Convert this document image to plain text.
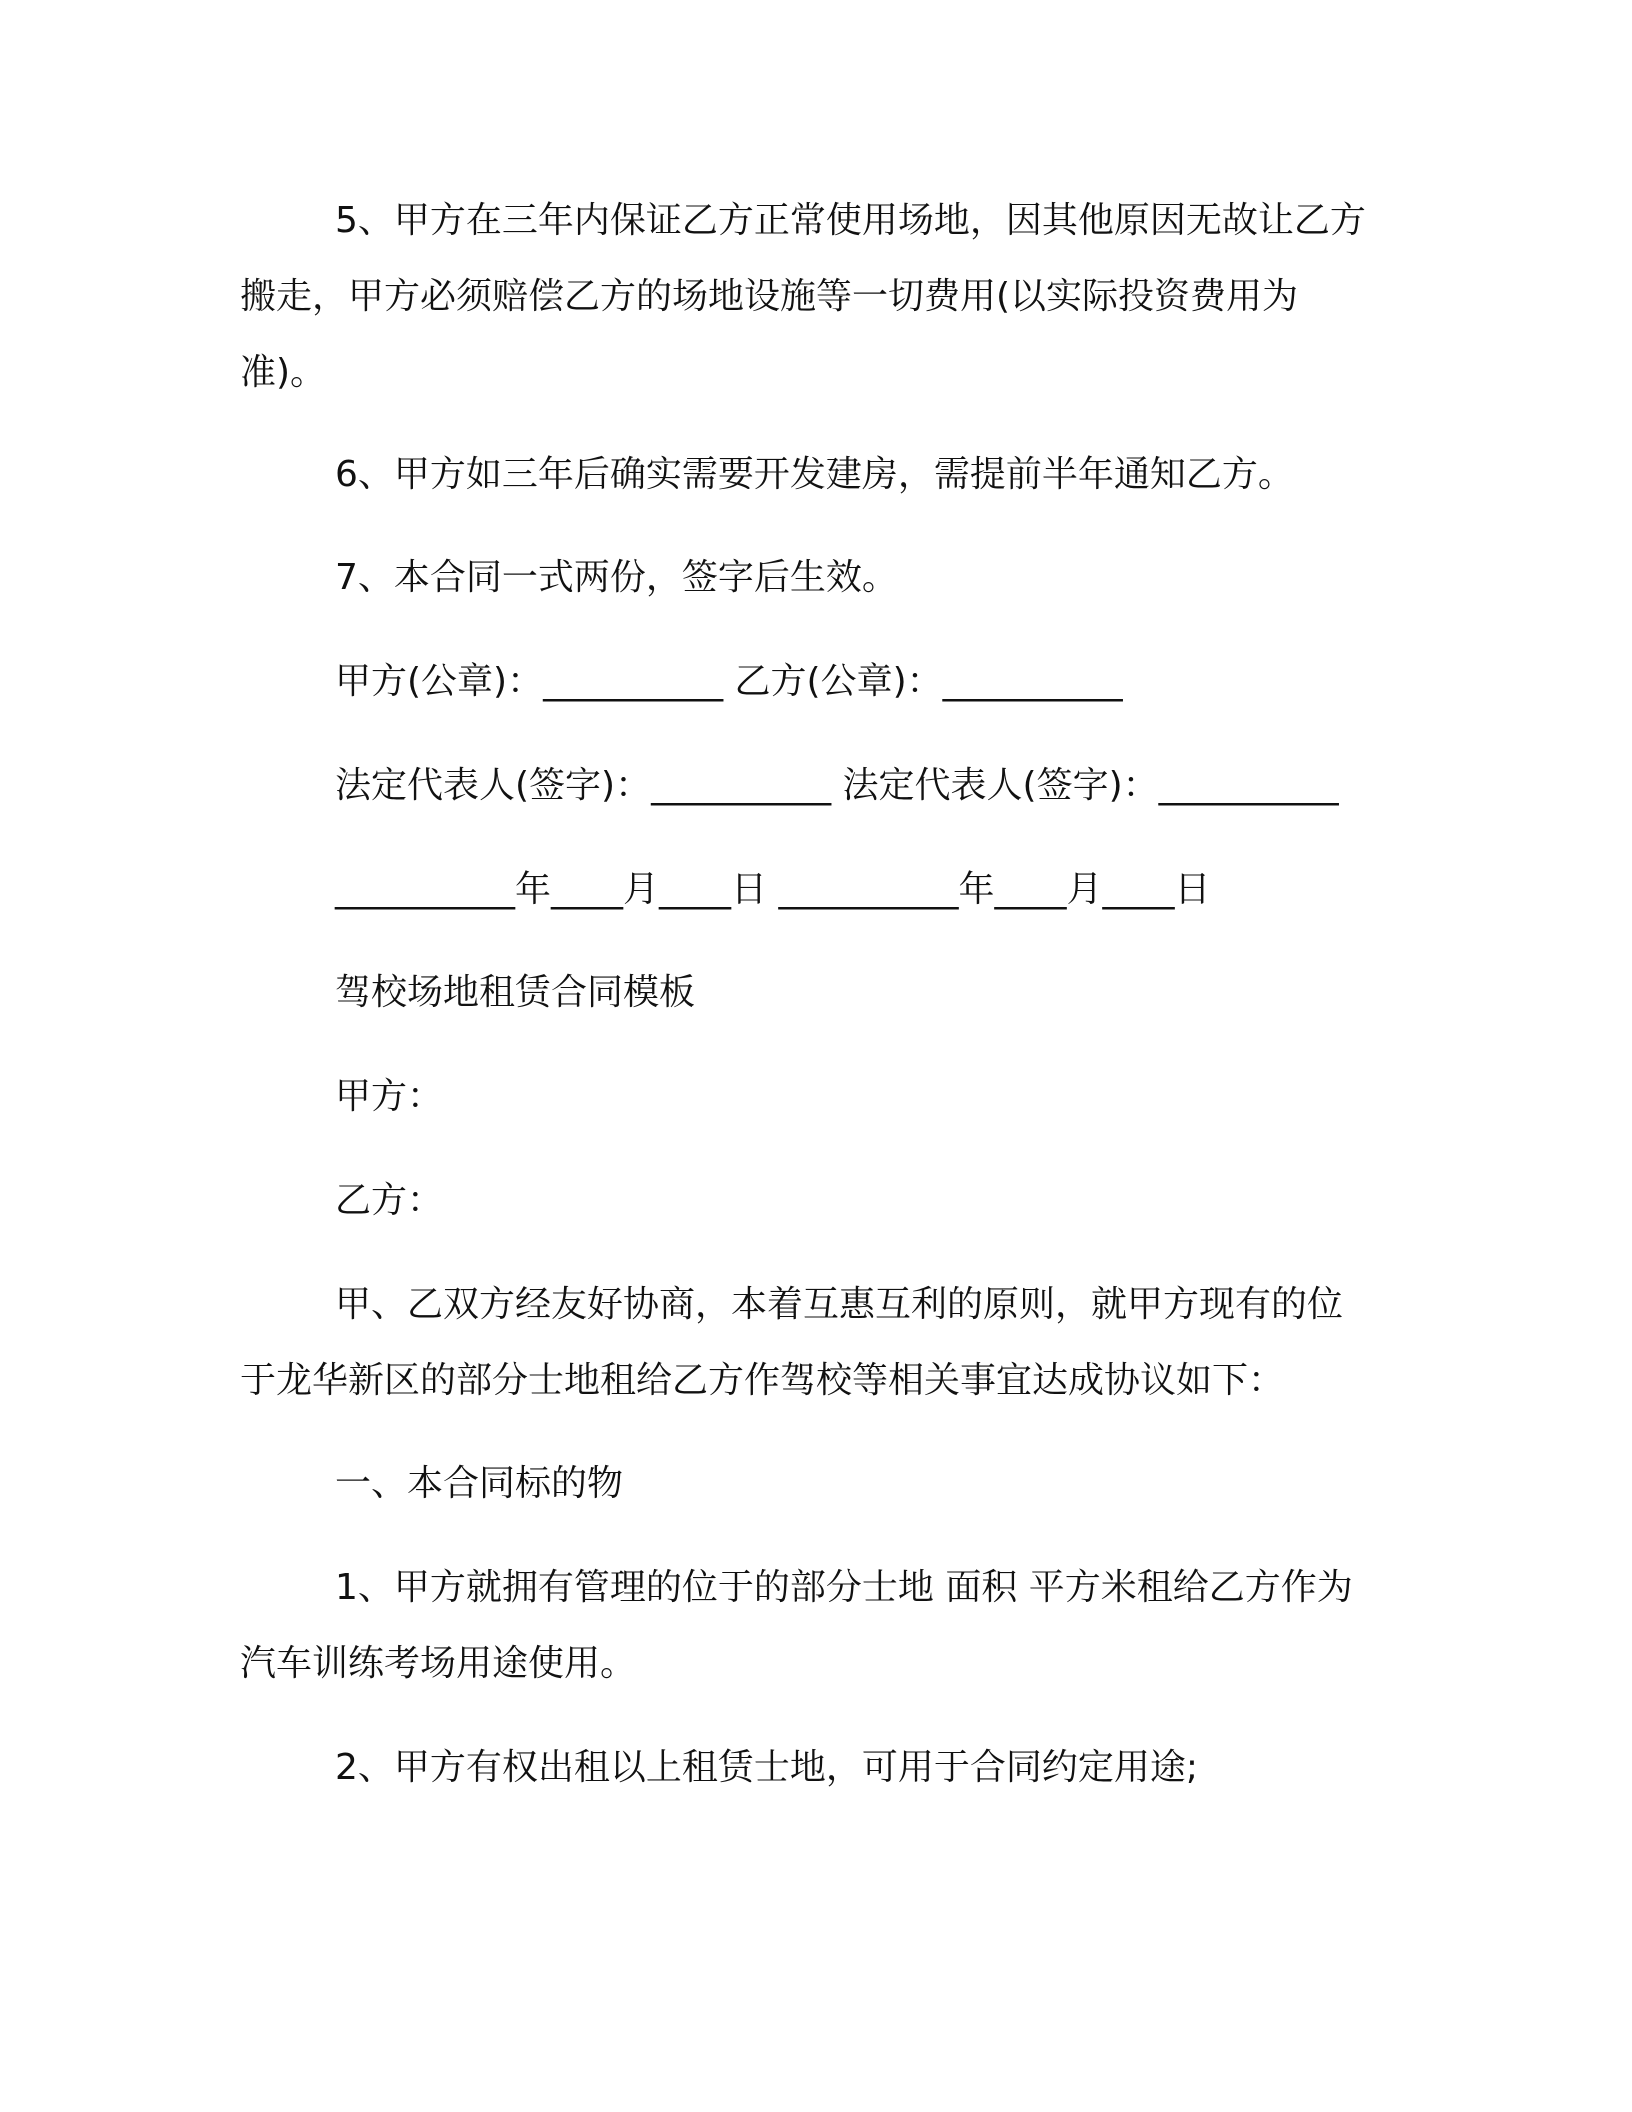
5、甲方在三年内保证乙方正常使用场地，因其他原因无故让乙方搬走，甲方必须赔偿乙方的场地设施等一切费用(以实际投资费用为准)。

6、甲方如三年后确实需要开发建房，需提前半年通知乙方。

7、本合同一式两份，签字后生效。

甲方(公章)：__________ 乙方(公章)：__________

法定代表人(签字)：__________ 法定代表人(签字)：__________

__________年____月____日 __________年____月____日

驾校场地租赁合同模板

甲方：

乙方：

甲、乙双方经友好协商，本着互惠互利的原则，就甲方现有的位于龙华新区的部分士地租给乙方作驾校等相关事宜达成协议如下：

一、本合同标的物

1、甲方就拥有管理的位于的部分士地 面积 平方米租给乙方作为汽车训练考场用途使用。

2、甲方有权出租以上租赁士地，可用于合同约定用途;
